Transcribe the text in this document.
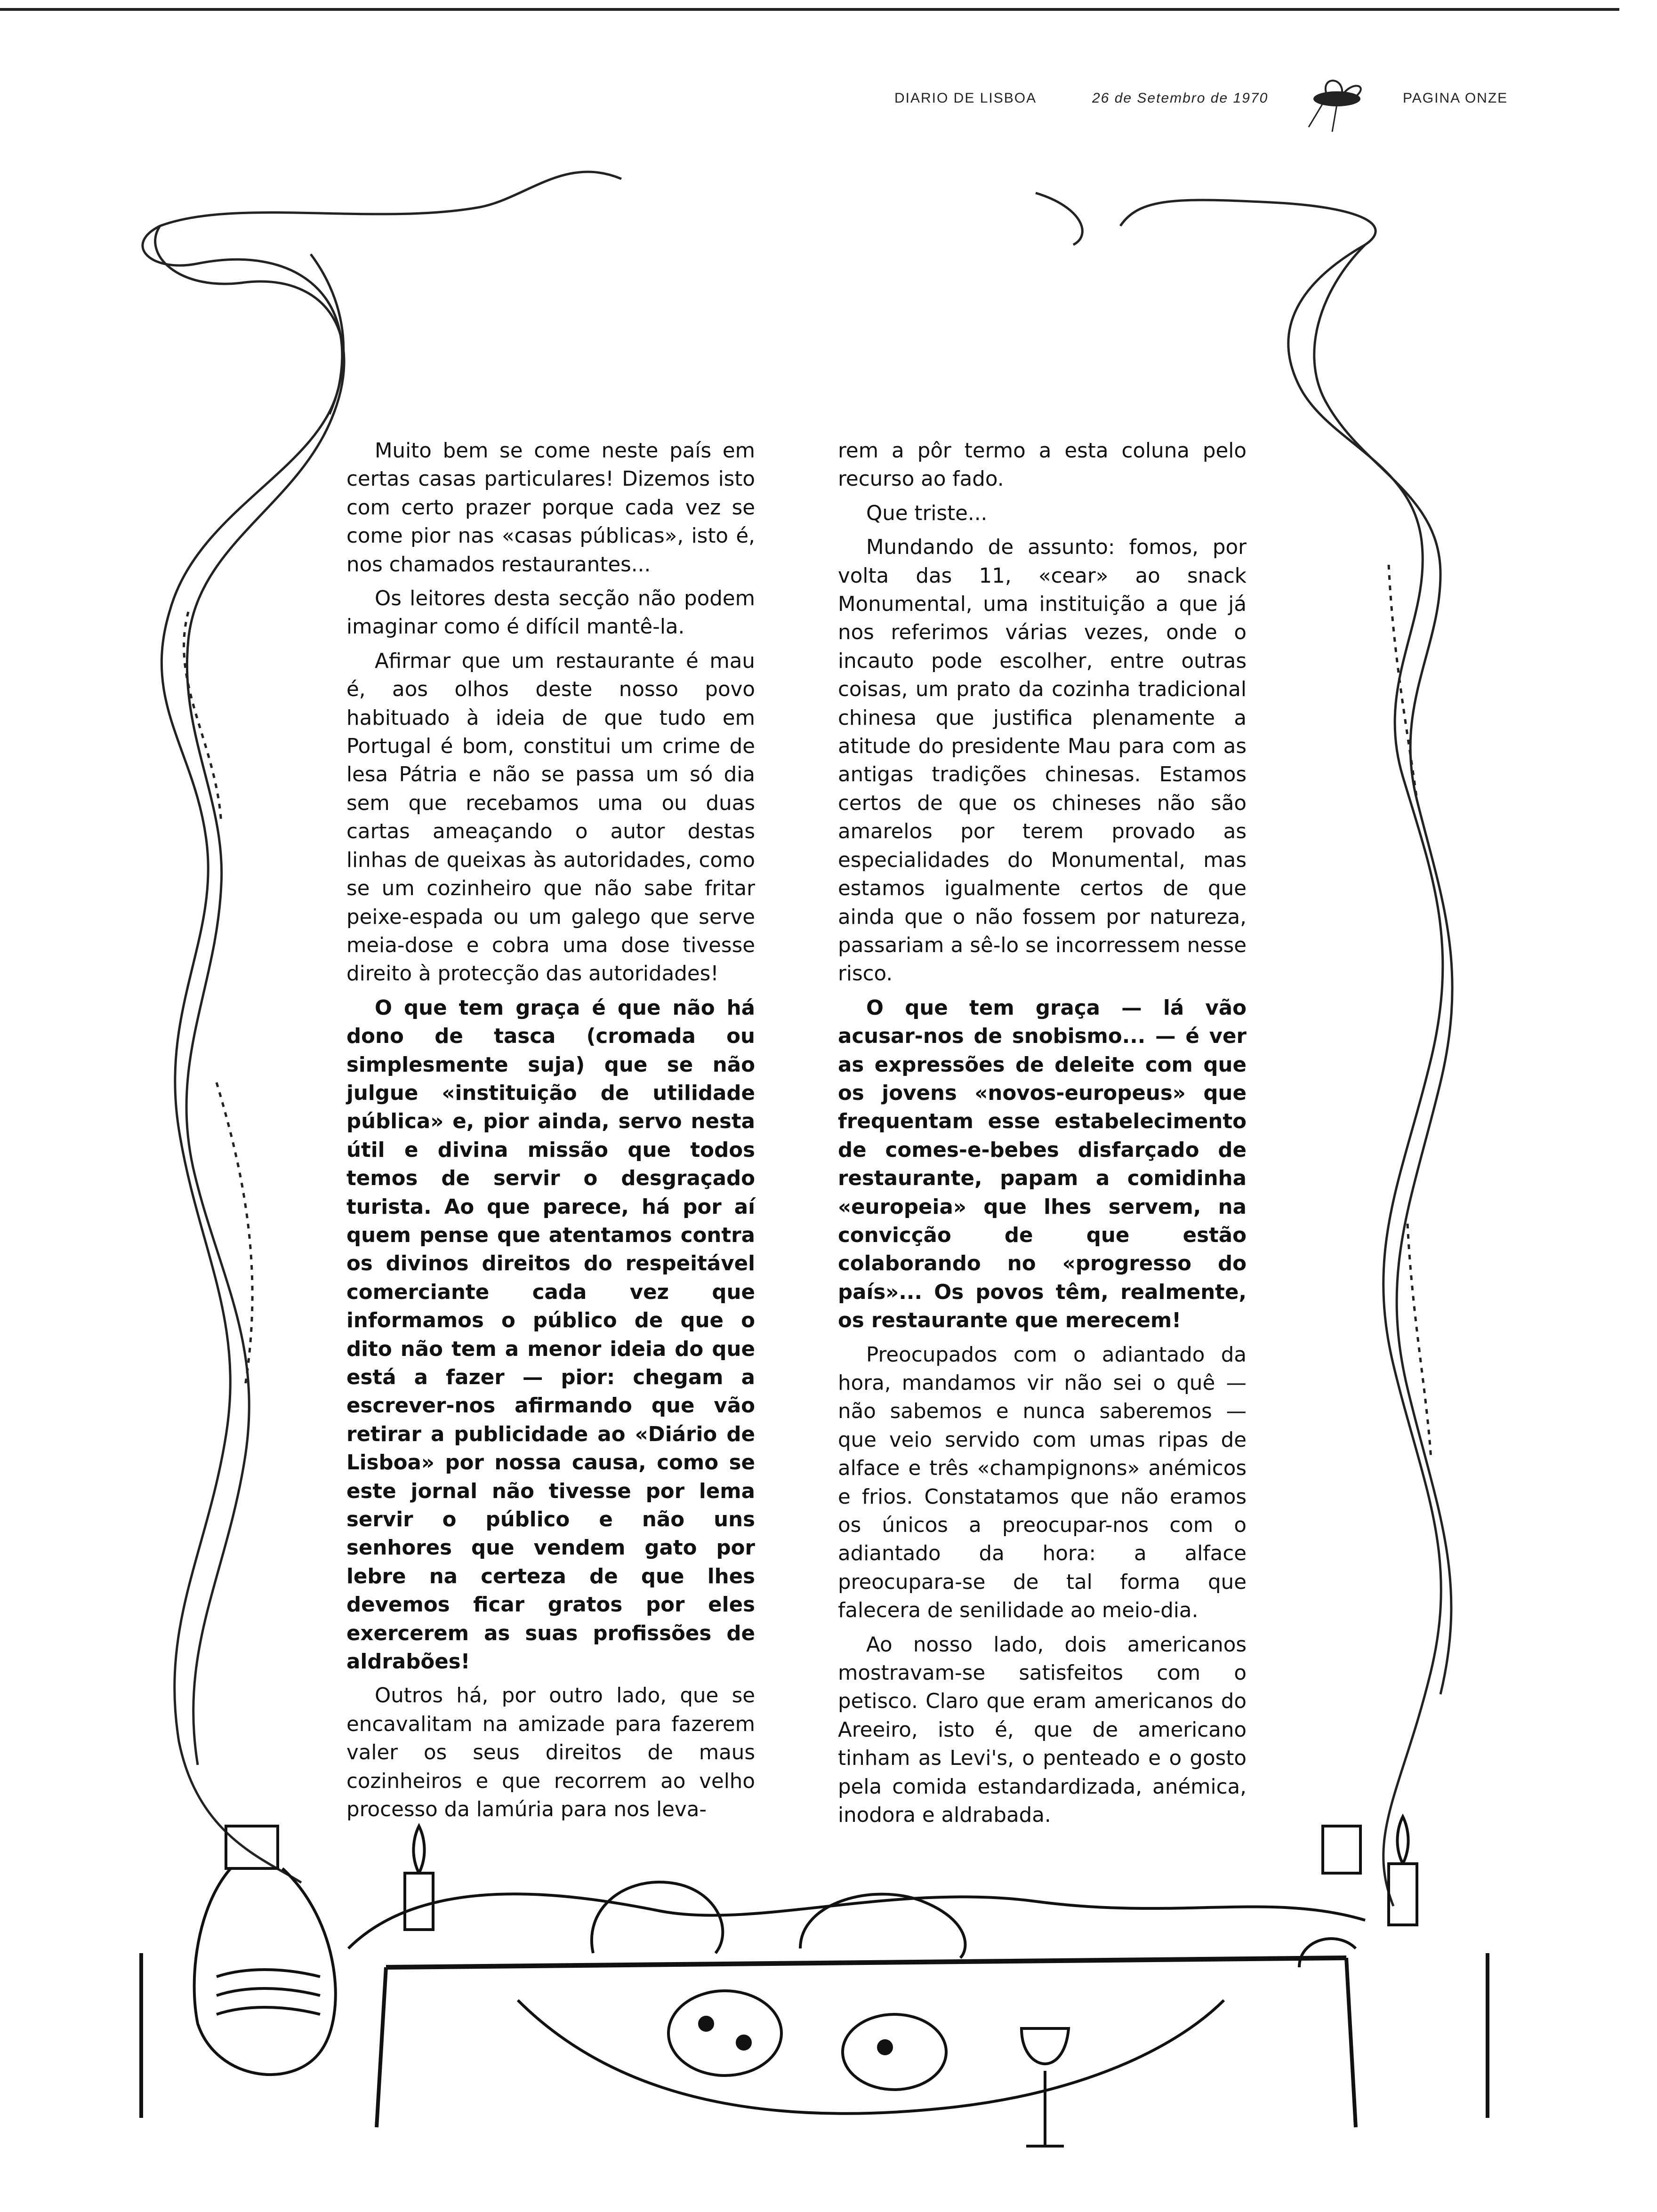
DIARIO DE LISBOA	26 de Setembro de 1970	PAGINA ONZE

Muito bem se come neste país em certas casas particulares! Dizemos isto com certo prazer porque cada vez se come pior nas «casas públicas», isto é, nos chamados restaurantes...

Os leitores desta secção não podem imaginar como é difícil mantê-la.

Afirmar que um restaurante é mau é, aos olhos deste nosso povo habituado à ideia de que tudo em Portugal é bom, constitui um crime de lesa Pátria e não se passa um só dia sem que recebamos uma ou duas cartas ameaçando o autor destas linhas de queixas às autoridades, como se um cozinheiro que não sabe fritar peixe-espada ou um galego que serve meia-dose e cobra uma dose tivesse direito à protecção das autoridades!

O que tem graça é que não há dono de tasca (cromada ou simplesmente suja) que se não julgue «instituição de utilidade pública» e, pior ainda, servo nesta útil e divina missão que todos temos de servir o desgraçado turista. Ao que parece, há por aí quem pense que atentamos contra os divinos direitos do respeitável comerciante cada vez que informamos o público de que o dito não tem a menor ideia do que está a fazer — pior: chegam a escrever-nos afirmando que vão retirar a publicidade ao «Diário de Lisboa» por nossa causa, como se este jornal não tivesse por lema servir o público e não uns senhores que vendem gato por lebre na certeza de que lhes devemos ficar gratos por eles exercerem as suas profissões de aldrabões!

Outros há, por outro lado, que se encavalitam na amizade para fazerem valer os seus direitos de maus cozinheiros e que recorrem ao velho processo da lamúria para nos leva-

rem a pôr termo a esta coluna pelo recurso ao fado.

Que triste...

Mundando de assunto: fomos, por volta das 11, «cear» ao snack Monumental, uma instituição a que já nos referimos várias vezes, onde o incauto pode escolher, entre outras coisas, um prato da cozinha tradicional chinesa que justifica plenamente a atitude do presidente Mau para com as antigas tradições chinesas. Estamos certos de que os chineses não são amarelos por terem provado as especialidades do Monumental, mas estamos igualmente certos de que ainda que o não fossem por natureza, passariam a sê-lo se incorressem nesse risco.

O que tem graça — lá vão acusar-nos de snobismo... — é ver as expressões de deleite com que os jovens «novos-europeus» que frequentam esse estabelecimento de comes-e-bebes disfarçado de restaurante, papam a comidinha «europeia» que lhes servem, na convicção de que estão colaborando no «progresso do país»... Os povos têm, realmente, os restaurante que merecem!

Preocupados com o adiantado da hora, mandamos vir não sei o quê — não sabemos e nunca saberemos — que veio servido com umas ripas de alface e três «champignons» anémicos e frios. Constatamos que não eramos os únicos a preocupar-nos com o adiantado da hora: a alface preocupara-se de tal forma que falecera de senilidade ao meio-dia.

Ao nosso lado, dois americanos mostravam-se satisfeitos com o petisco. Claro que eram americanos do Areeiro, isto é, que de americano tinham as Levi's, o penteado e o gosto pela comida estandardizada, anémica, inodora e aldrabada.
